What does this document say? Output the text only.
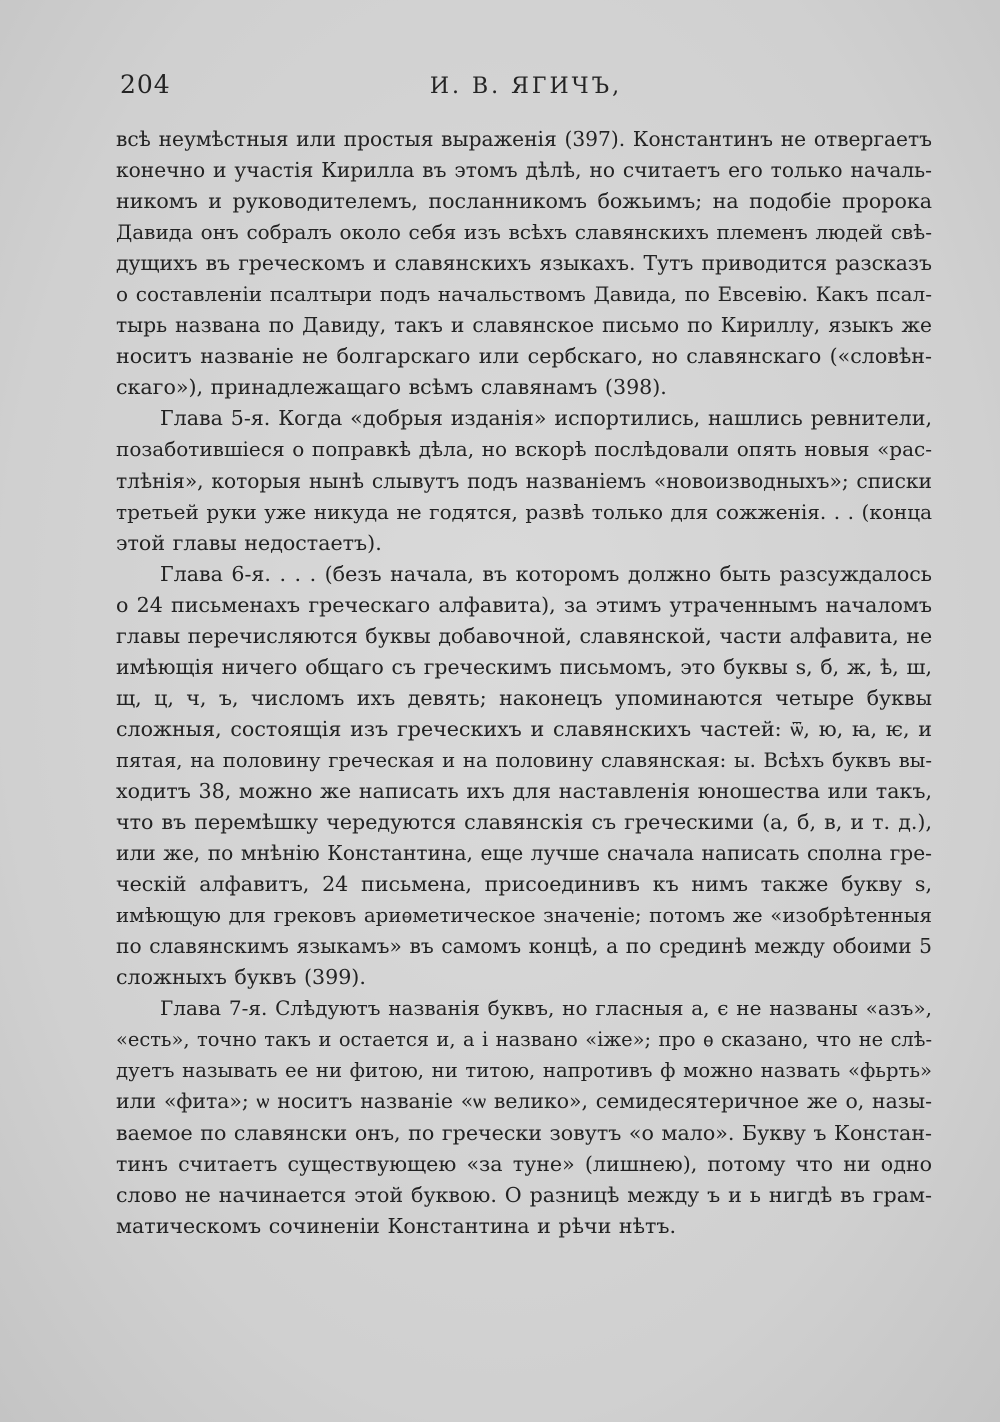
204	И. В. ЯГИЧЪ,
всѣ неумѣстныя или простыя выраженія (397). Константинъ не отвергаетъ
конечно и участія Кирилла въ этомъ дѣлѣ, но считаетъ его только началь-
никомъ и руководителемъ, посланникомъ божьимъ; на подобіе пророка
Давида онъ собралъ около себя изъ всѣхъ славянскихъ племенъ людей свѣ-
дущихъ въ греческомъ и славянскихъ языкахъ. Тутъ приводится разсказъ
о составленіи псалтыри подъ начальствомъ Давида, по Евсевію. Какъ псал-
тырь названа по Давиду, такъ и славянское письмо по Кириллу, языкъ же
носитъ названіе не болгарскаго или сербскаго, но славянскаго («словѣн-
скаго»), принадлежащаго всѣмъ славянамъ (398).
Глава 5-я. Когда «добрыя изданія» испортились, нашлись ревнители,
позаботившіеся о поправкѣ дѣла, но вскорѣ послѣдовали опять новыя «рас-
тлѣнія», которыя нынѣ слывутъ подъ названіемъ «новоизводныхъ»; списки
третьей руки уже никуда не годятся, развѣ только для сожженія. . . (конца
этой главы недостаетъ).
Глава 6-я. . . . (безъ начала, въ которомъ должно быть разсуждалось
о 24 письменахъ греческаго алфавита), за этимъ утраченнымъ началомъ
главы перечисляются буквы добавочной, славянской, части алфавита, не
имѣющія ничего общаго съ греческимъ письмомъ, это буквы ѕ, б, ж, ѣ, ш,
щ, ц, ч, ъ, числомъ ихъ девять; наконецъ упоминаются четыре буквы
сложныя, состоящія изъ греческихъ и славянскихъ частей: ѿ, ю, ꙗ, ѥ, и
пятая, на половину греческая и на половину славянская: ы. Всѣхъ буквъ вы-
ходитъ 38, можно же написать ихъ для наставленія юношества или такъ,
что въ перемѣшку чередуются славянскія съ греческими (а, б, в, и т. д.),
или же, по мнѣнію Константина, еще лучше сначала написать сполна гре-
ческій алфавитъ, 24 письмена, присоединивъ къ нимъ также букву ѕ,
имѣющую для грековъ ариѳметическое значеніе; потомъ же «изобрѣтенныя
по славянскимъ языкамъ» въ самомъ концѣ, а по срединѣ между обоими 5
сложныхъ буквъ (399).
Глава 7-я. Слѣдуютъ названія буквъ, но гласныя а, є не названы «азъ»,
«есть», точно такъ и остается и, а і названо «іже»; про ѳ сказано, что не слѣ-
дуетъ называть ее ни фитою, ни титою, напротивъ ф можно назвать «фьрть»
или «фита»; ѡ носитъ названіе «ѡ велико», семидесятеричное же о, назы-
ваемое по славянски онъ, по гречески зовутъ «о мало». Букву ъ Констан-
тинъ считаетъ существующею «за туне» (лишнею), потому что ни одно
слово не начинается этой буквою. О разницѣ между ъ и ь нигдѣ въ грам-
матическомъ сочиненіи Константина и рѣчи нѣтъ.
